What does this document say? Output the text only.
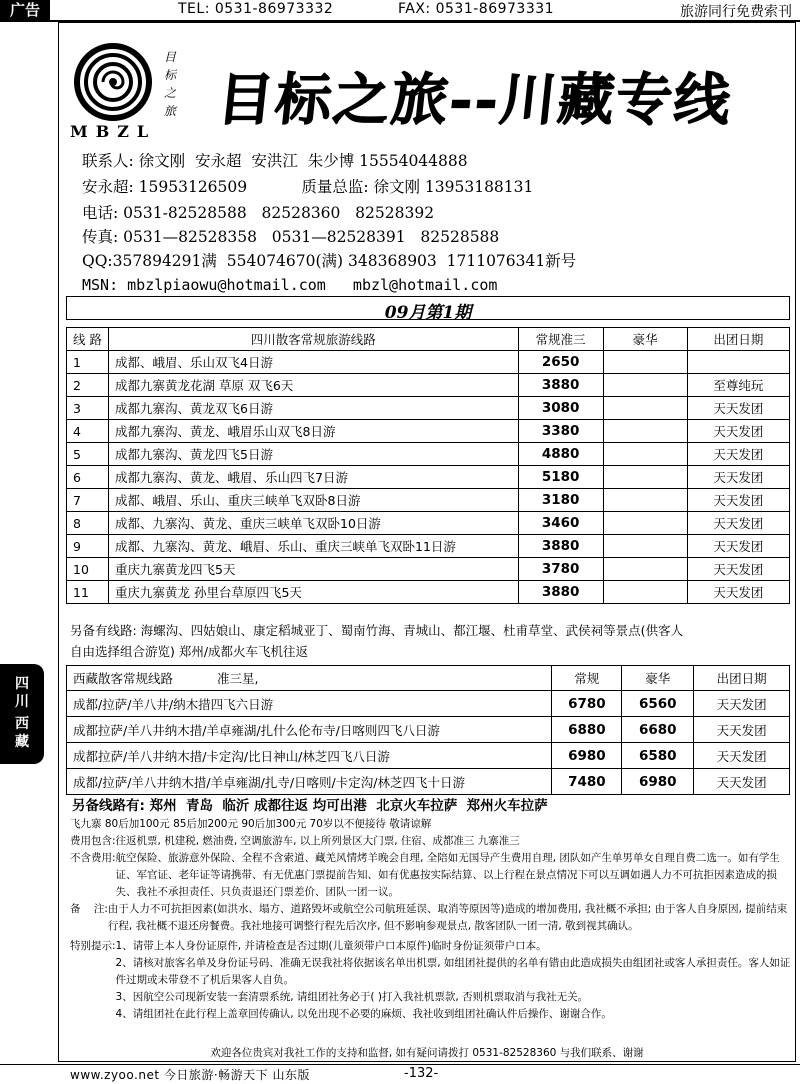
广告	TEL: 0531-86973332	FAX: 0531-86973331	旅游同行免费索刊
MBZL
目标之旅 目标之旅--川藏专线
联系人: 徐文刚  安永超  安洪江  朱少博 15554044888
安永超: 15953126509           质量总监: 徐文刚 13953188131
电话: 0531-82528588   82528360   82528392
传真: 0531—82528358   0531—82528391   82528588
QQ:357894291满  554074670(满) 348368903  1711076341新号
MSN: mbzlpiaowu@hotmail.com   mbzl@hotmail.com
09月第1期
线 路	四川散客常规旅游线路	常规准三	豪华	出团日期
1	成都、峨眉、乐山双飞4日游	2650		
2	成都九寨黄龙花湖 草原 双飞6天	3880		至尊纯玩
3	成都九寨沟、黄龙双飞6日游	3080		天天发团
4	成都九寨沟、黄龙、峨眉乐山双飞8日游	3380		天天发团
5	成都九寨沟、黄龙四飞5日游	4880		天天发团
6	成都九寨沟、黄龙、峨眉、乐山四飞7日游	5180		天天发团
7	成都、峨眉、乐山、重庆三峡单飞双卧8日游	3180		天天发团
8	成都、九寨沟、黄龙、重庆三峡单飞双卧10日游	3460		天天发团
9	成都、九寨沟、黄龙、峨眉、乐山、重庆三峡单飞双卧11日游	3880		天天发团
10	重庆九寨黄龙四飞5天	3780		天天发团
11	重庆九寨黄龙 孙里台草原四飞5天	3880		天天发团
另备有线路: 海螺沟、四姑娘山、康定稻城亚丁、蜀南竹海、青城山、都江堰、杜甫草堂、武侯祠等景点(供客人
自由选择组合游览) 郑州/成都火车飞机往返
四
川
西
藏
西藏散客常规线路 准三星,	常规	豪华	出团日期
成都/拉萨/羊八井/纳木措四飞六日游	6780	6560	天天发团
成都拉萨/羊八井纳木措/羊卓雍湖/扎什么伦布寺/日喀则四飞八日游	6880	6680	天天发团
成都拉萨/羊八井纳木措/卡定沟/比日神山/林芝四飞八日游	6980	6580	天天发团
成都/拉萨/羊八井纳木措/羊卓雍湖/扎寺/日喀则/卡定沟/林芝四飞十日游	7480	6980	天天发团
另备线路有: 郑州  青岛  临沂 成都往返 均可出港  北京火车拉萨  郑州火车拉萨
飞九寨 80后加100元 85后加200元 90后加300元 70岁以不便接待 敬请谅解
费用包含: 往返机票, 机建税, 燃油费, 空调旅游车, 以上所列景区大门票, 住宿、成都准三 九寨准三
不含费用: 航空保险、旅游意外保险、全程不含索道、藏羌风情烤羊晚会自理, 全陪如无国导产生费用自理, 团队如产生单男单女自理自费二选一。如有学生证、军官证、老年证等请携带、有无优惠门票提前告知、如有优惠按实际结算、以上行程在景点情况下可以互调如遇人力不可抗拒因素造成的损失、我社不承担责任、只负责退还门票差价、团队一团一议。
备    注: 由于人力不可抗拒因素(如洪水、塌方、道路毁坏或航空公司航班延误、取消等原因等)造成的增加费用, 我社概不承担; 由于客人自身原因, 提前结束行程, 我社概不退还房餐费。我社地接可调整行程先后次序, 但不影响参观景点, 散客团队一团一清, 敬到视其确认。
特别提示: 1、请带上本人身份证原件, 并请检查是否过期(儿童须带户口本原件)临时身份证须带户口本。
2、请核对旅客名单及身份证号码、准确无误我社将依据该名单出机票, 如组团社提供的名单有错由此造成损失由组团社或客人承担责任。客人如证件过期或未带登不了机后果客人自负。
3、因航空公司现新安装一套清票系统, 请组团社务必于( )打入我社机票款, 否则机票取消与我社无关。
4、请组团社在此行程上盖章回传确认, 以免出现不必要的麻烦、我社收到组团社确认件后操作、谢谢合作。
欢迎各位贵宾对我社工作的支持和监督, 如有疑问请拨打 0531-82528360 与我们联系、谢谢
www.zyoo.net 今日旅游·畅游天下 山东版	-132-
